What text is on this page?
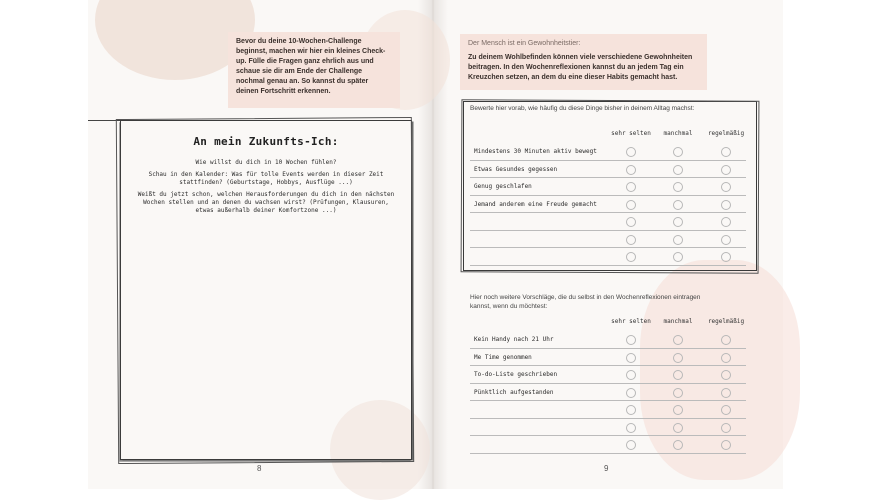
Bevor du deine 10-Wochen-Challenge beginnst, machen wir hier ein kleines Check-up. Fülle die Fragen ganz ehrlich aus und schaue sie dir am Ende der Challenge nochmal genau an. So kannst du später deinen Fortschritt erkennen.
An mein Zukunfts-Ich:
Wie willst du dich in 10 Wochen fühlen?
Schau in den Kalender: Was für tolle Events werden in dieser Zeit stattfinden? (Geburtstage, Hobbys, Ausflüge ...)
Weißt du jetzt schon, welchen Herausforderungen du dich in den nächsten Wochen stellen und an denen du wachsen wirst? (Prüfungen, Klausuren, etwas außerhalb deiner Komfortzone ...)
8
Der Mensch ist ein Gewohnheitstier:
Zu deinem Wohlbefinden können viele verschiedene Gewohnheiten beitragen. In den Wochenreflexionen kannst du an jedem Tag ein Kreuzchen setzen, an dem du eine dieser Habits gemacht hast.
Bewerte hier vorab, wie häufig du diese Dinge bisher in deinem Alltag machst:
sehr selten	manchmal	regelmäßig
Mindestens 30 Minuten aktiv bewegt
Etwas Gesundes gegessen
Genug geschlafen
Jemand anderem eine Freude gemacht
Hier noch weitere Vorschläge, die du selbst in den Wochenreflexionen eintragen kannst, wenn du möchtest:
sehr selten	manchmal	regelmäßig
Kein Handy nach 21 Uhr
Me Time genommen
To-do-Liste geschrieben
Pünktlich aufgestanden
9
